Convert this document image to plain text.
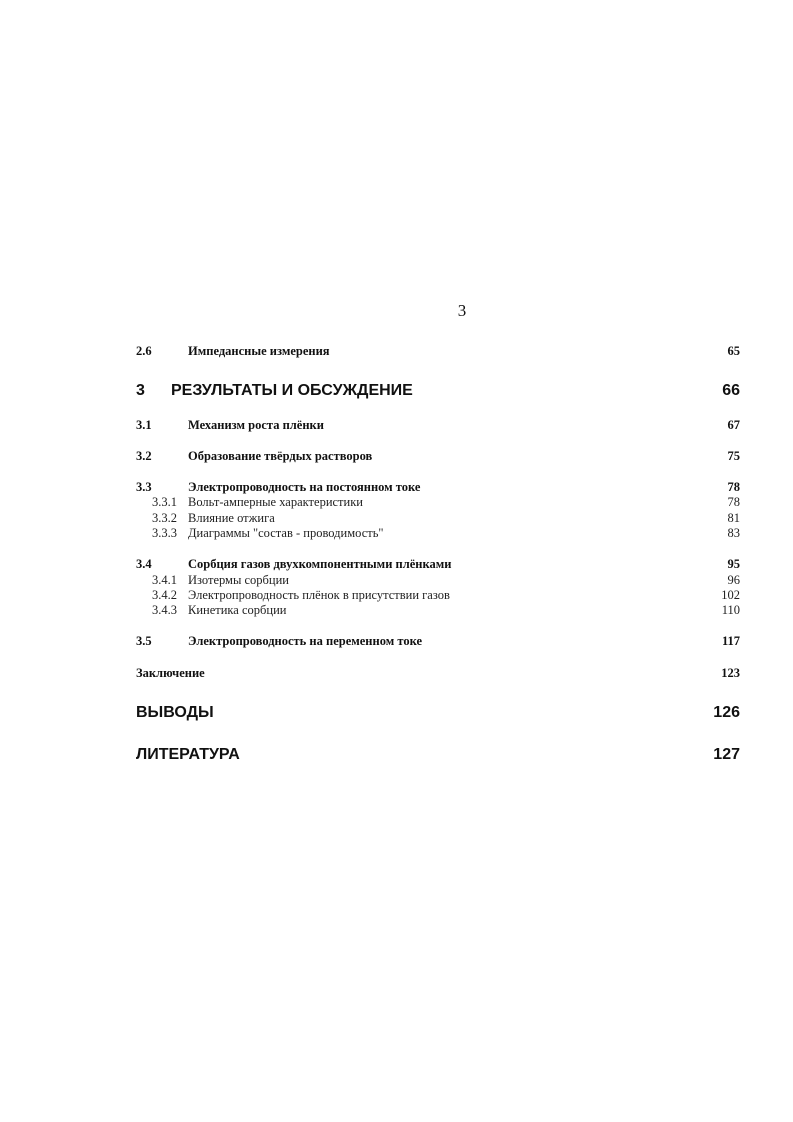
3
2.6	Импедансные измерения	65
3	РЕЗУЛЬТАТЫ И ОБСУЖДЕНИЕ	66
3.1	Механизм роста плёнки	67
3.2	Образование твёрдых растворов	75
3.3	Электропроводность на постоянном токе	78
3.3.1 Вольт-амперные характеристики	78
3.3.2 Влияние отжига	81
3.3.3 Диаграммы "состав - проводимость"	83
3.4	Сорбция газов двухкомпонентными плёнками	95
3.4.1 Изотермы сорбции	96
3.4.2 Электропроводность плёнок в присутствии газов	102
3.4.3 Кинетика сорбции	110
3.5	Электропроводность на переменном токе	117
Заключение	123
ВЫВОДЫ	126
ЛИТЕРАТУРА	127
